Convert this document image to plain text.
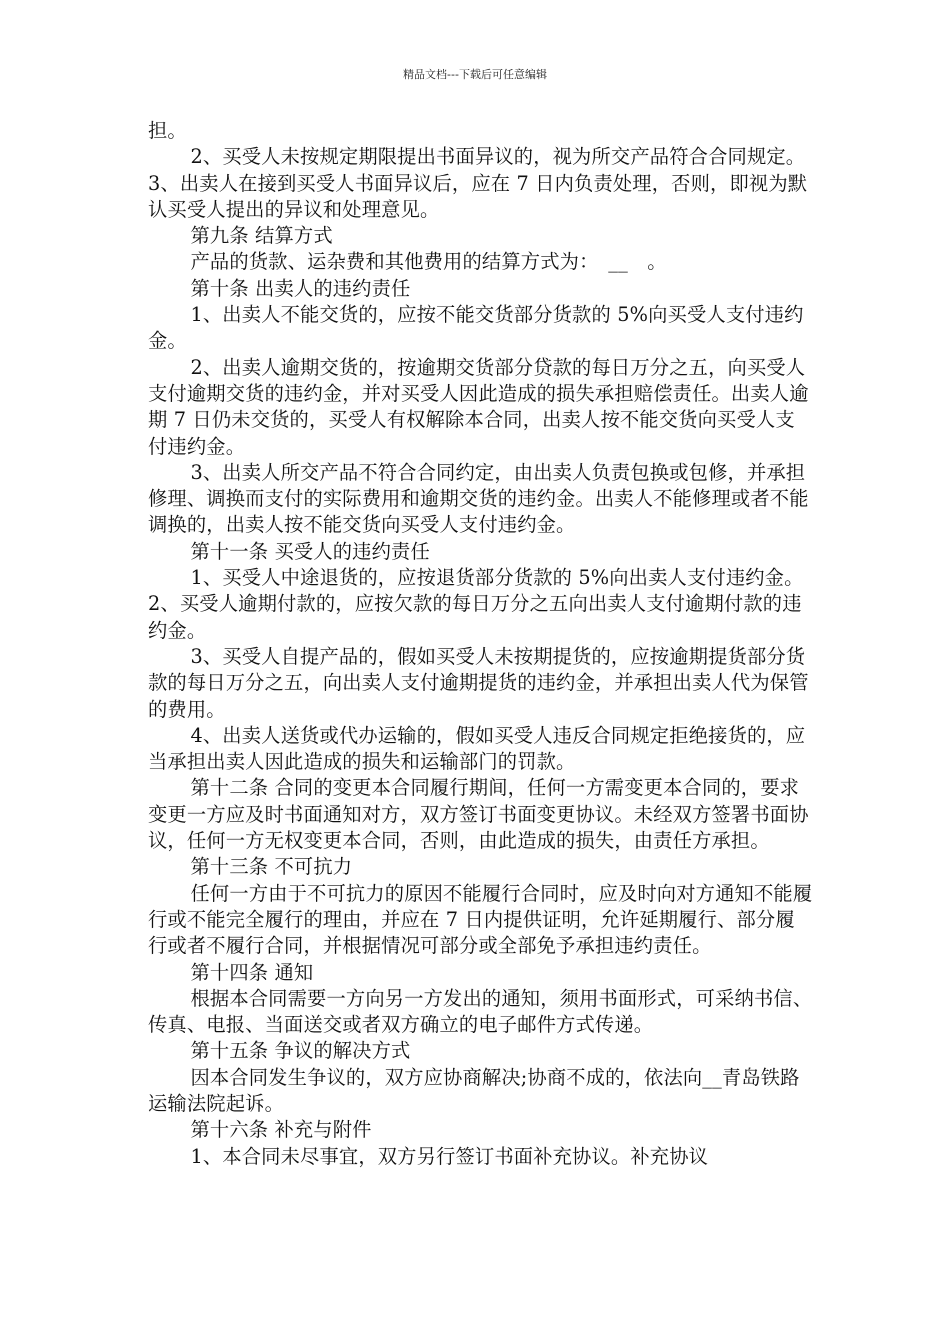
精品文档---下载后可任意编辑

担。

2、买受人未按规定期限提出书面异议的，视为所交产品符合合同规定。3、出卖人在接到买受人书面异议后，应在 7 日内负责处理，否则，即视为默认买受人提出的异议和处理意见。

第九条 结算方式

产品的货款、运杂费和其他费用的结算方式为：　__　。

第十条 出卖人的违约责任

1、出卖人不能交货的，应按不能交货部分货款的 5%向买受人支付违约金。

2、出卖人逾期交货的，按逾期交货部分贷款的每日万分之五，向买受人支付逾期交货的违约金，并对买受人因此造成的损失承担赔偿责任。出卖人逾期 7 日仍未交货的，买受人有权解除本合同，出卖人按不能交货向买受人支付违约金。

3、出卖人所交产品不符合合同约定，由出卖人负责包换或包修，并承担修理、调换而支付的实际费用和逾期交货的违约金。出卖人不能修理或者不能调换的，出卖人按不能交货向买受人支付违约金。

第十一条 买受人的违约责任

1、买受人中途退货的，应按退货部分货款的 5%向出卖人支付违约金。 2、买受人逾期付款的，应按欠款的每日万分之五向出卖人支付逾期付款的违约金。

3、买受人自提产品的，假如买受人未按期提货的，应按逾期提货部分货款的每日万分之五，向出卖人支付逾期提货的违约金，并承担出卖人代为保管的费用。

4、出卖人送货或代办运输的，假如买受人违反合同规定拒绝接货的，应当承担出卖人因此造成的损失和运输部门的罚款。

第十二条 合同的变更本合同履行期间，任何一方需变更本合同的，要求变更一方应及时书面通知对方，双方签订书面变更协议。未经双方签署书面协议，任何一方无权变更本合同，否则，由此造成的损失，由责任方承担。

第十三条 不可抗力

任何一方由于不可抗力的原因不能履行合同时，应及时向对方通知不能履行或不能完全履行的理由，并应在 7 日内提供证明，允许延期履行、部分履行或者不履行合同，并根据情况可部分或全部免予承担违约责任。

第十四条 通知

根据本合同需要一方向另一方发出的通知，须用书面形式，可采纳书信、传真、电报、当面送交或者双方确立的电子邮件方式传递。

第十五条 争议的解决方式

因本合同发生争议的，双方应协商解决;协商不成的，依法向__青岛铁路运输法院起诉。

第十六条 补充与附件

1、本合同未尽事宜，双方另行签订书面补充协议。补充协议
